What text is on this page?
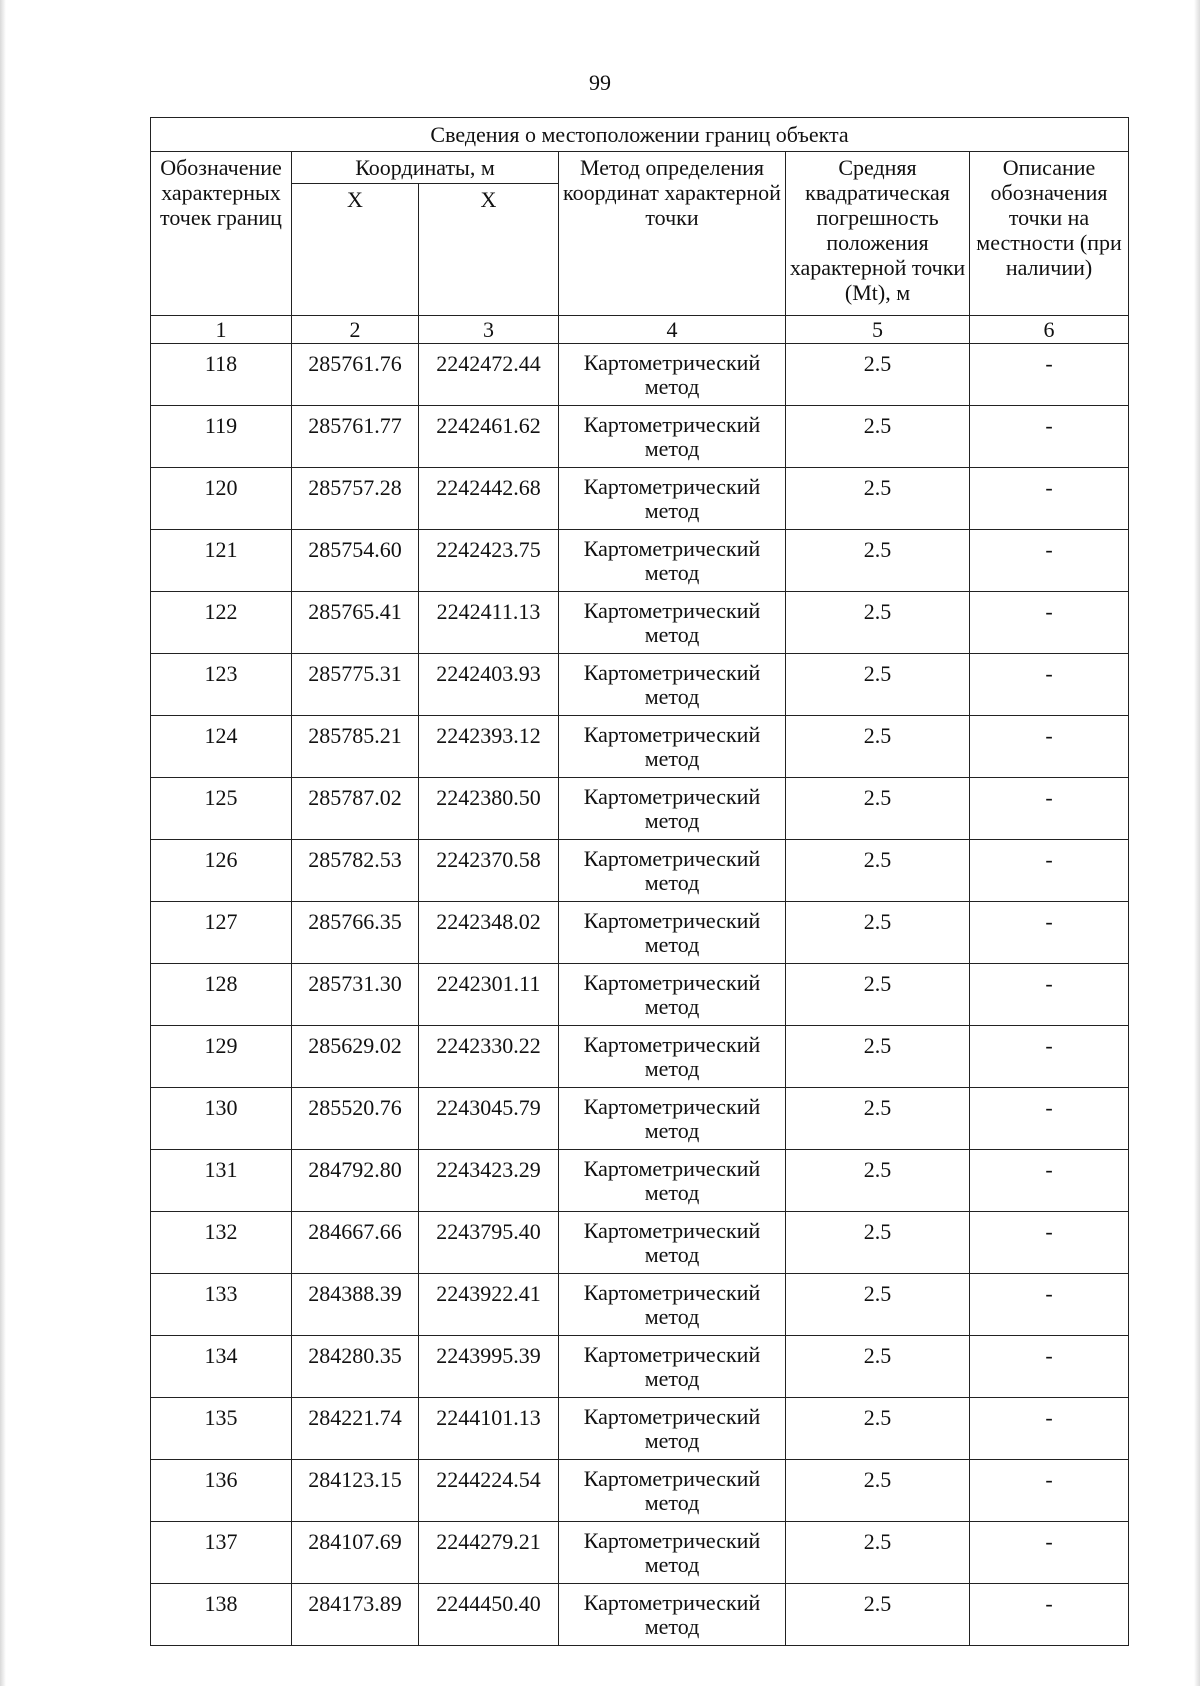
99
Сведения о местоположении границ объекта					
Обозначение характерных точек границ	Координаты, м		Метод определения координат характерной точки	Средняя квадратическая погрешность положения характерной точки (Mt), м	Описание обозначения точки на местности (при наличии)
	X	X			
1	2	3	4	5	6
118	285761.76	2242472.44	Картометрический метод	2.5	-
119	285761.77	2242461.62	Картометрический метод	2.5	-
120	285757.28	2242442.68	Картометрический метод	2.5	-
121	285754.60	2242423.75	Картометрический метод	2.5	-
122	285765.41	2242411.13	Картометрический метод	2.5	-
123	285775.31	2242403.93	Картометрический метод	2.5	-
124	285785.21	2242393.12	Картометрический метод	2.5	-
125	285787.02	2242380.50	Картометрический метод	2.5	-
126	285782.53	2242370.58	Картометрический метод	2.5	-
127	285766.35	2242348.02	Картометрический метод	2.5	-
128	285731.30	2242301.11	Картометрический метод	2.5	-
129	285629.02	2242330.22	Картометрический метод	2.5	-
130	285520.76	2243045.79	Картометрический метод	2.5	-
131	284792.80	2243423.29	Картометрический метод	2.5	-
132	284667.66	2243795.40	Картометрический метод	2.5	-
133	284388.39	2243922.41	Картометрический метод	2.5	-
134	284280.35	2243995.39	Картометрический метод	2.5	-
135	284221.74	2244101.13	Картометрический метод	2.5	-
136	284123.15	2244224.54	Картометрический метод	2.5	-
137	284107.69	2244279.21	Картометрический метод	2.5	-
138	284173.89	2244450.40	Картометрический метод	2.5	-
